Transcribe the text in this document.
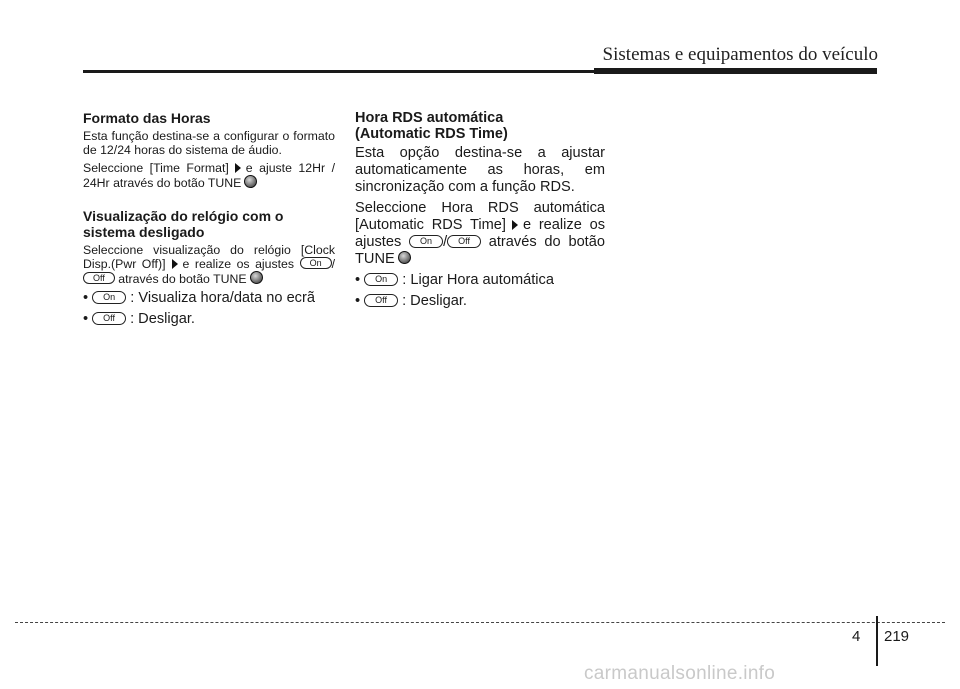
Sistemas e equipamentos do veículo
Formato das Horas

Esta função destina-se a configurar o formato de 12/24 horas do sistema de áudio.

Seleccione [Time Format] e ajuste 12Hr / 24Hr através do botão TUNE

Visualização do relógio com o sistema desligado

Seleccione visualização do relógio [Clock Disp.(Pwr Off)] e realize os ajustes On /Off através do botão TUNE

• On : Visualiza hora/data no ecrã

• Off : Desligar.

Hora RDS automática
(Automatic RDS Time)

Esta opção destina-se a ajustar automaticamente as horas, em sincronização com a função RDS.

Seleccione Hora RDS automática [Automatic RDS Time] e realize os ajustes On / Off através do botão TUNE

• On : Ligar Hora automática

• Off : Desligar.

4 219
carmanualsonline.info
